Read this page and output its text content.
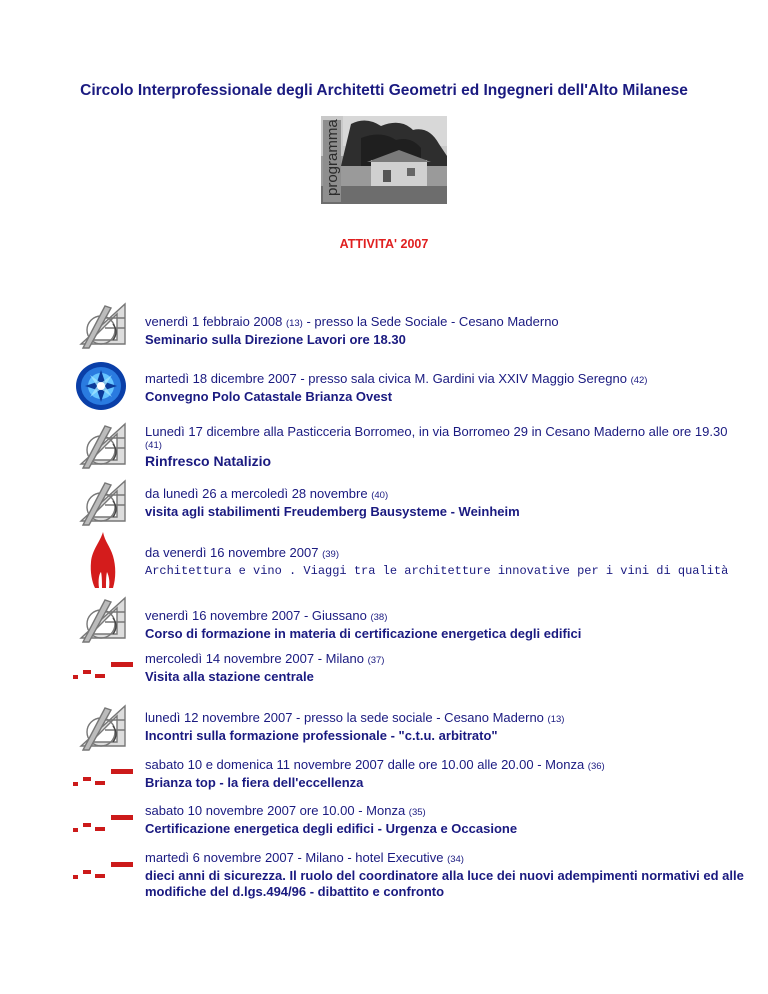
Circolo Interprofessionale degli Architetti Geometri ed Ingegneri dell'Alto Milanese
programma
ATTIVITA' 2007
venerdì 1 febbraio 2008 (13) - presso la Sede Sociale - Cesano Maderno
Seminario sulla Direzione Lavori ore 18.30
martedì 18 dicembre 2007 - presso sala civica M. Gardini via XXIV Maggio Seregno (42)
Convegno Polo Catastale Brianza Ovest
Lunedì 17 dicembre alla Pasticceria Borromeo, in via Borromeo 29 in Cesano Maderno alle ore 19.30
(41)
Rinfresco Natalizio
da lunedì 26 a mercoledì 28 novembre (40)
visita agli stabilimenti Freudemberg Bausysteme - Weinheim
da venerdì 16 novembre 2007 (39)
Architettura e vino . Viaggi tra le architetture innovative per i vini di qualità
venerdì 16 novembre 2007 - Giussano (38)
Corso di formazione in materia di certificazione energetica degli edifici
mercoledì 14 novembre 2007 - Milano (37)
Visita alla stazione centrale
lunedì 12 novembre 2007 - presso la sede sociale - Cesano Maderno (13)
Incontri sulla formazione professionale - "c.t.u. arbitrato"
sabato 10 e domenica 11 novembre 2007 dalle ore 10.00 alle 20.00 - Monza (36)
Brianza top - la fiera dell'eccellenza
sabato 10 novembre 2007 ore 10.00 - Monza (35)
Certificazione energetica degli edifici - Urgenza e Occasione
martedì 6 novembre 2007 - Milano - hotel Executive (34)
dieci anni di sicurezza. Il ruolo del coordinatore alla luce dei nuovi adempimenti normativi ed alle modifiche del d.lgs.494/96 - dibattito e confronto
